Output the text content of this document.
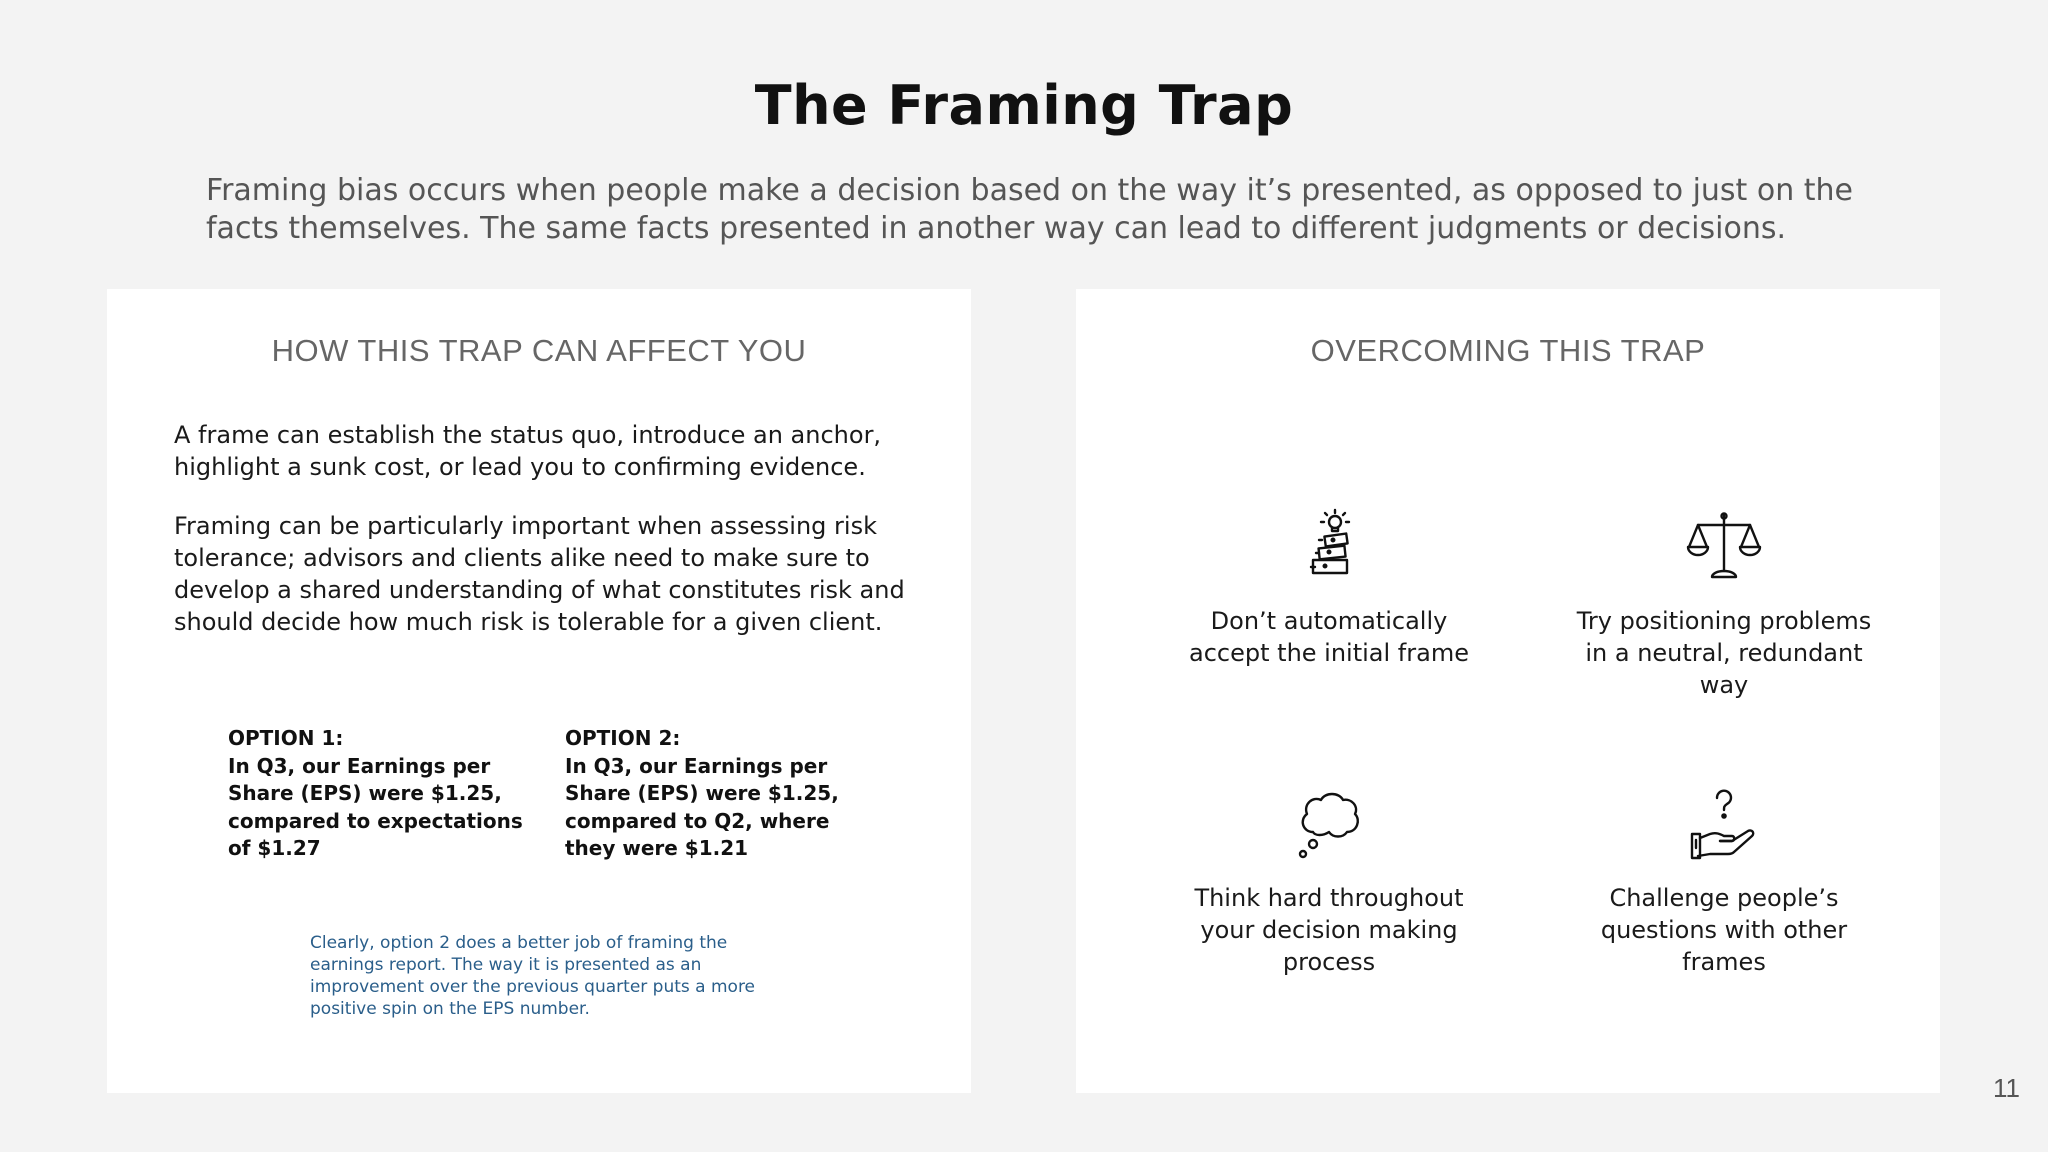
The Framing Trap
Framing bias occurs when people make a decision based on the way it’s presented, as opposed to just on the facts themselves. The same facts presented in another way can lead to different judgments or decisions.
HOW THIS TRAP CAN AFFECT YOU
A frame can establish the status quo, introduce an anchor, highlight a sunk cost, or lead you to confirming evidence.
Framing can be particularly important when assessing risk tolerance; advisors and clients alike need to make sure to develop a shared understanding of what constitutes risk and should decide how much risk is tolerable for a given client.
OPTION 1:
In Q3, our Earnings per Share (EPS) were $1.25, compared to expectations of $1.27
OPTION 2:
In Q3, our Earnings per Share (EPS) were $1.25, compared to Q2, where they were $1.21
Clearly, option 2 does a better job of framing the earnings report. The way it is presented as an improvement over the previous quarter puts a more positive spin on the EPS number.
OVERCOMING THIS TRAP
Don’t automatically accept the initial frame
Try positioning problems in a neutral, redundant way
Think hard throughout your decision making process
Challenge people’s questions with other frames
11
